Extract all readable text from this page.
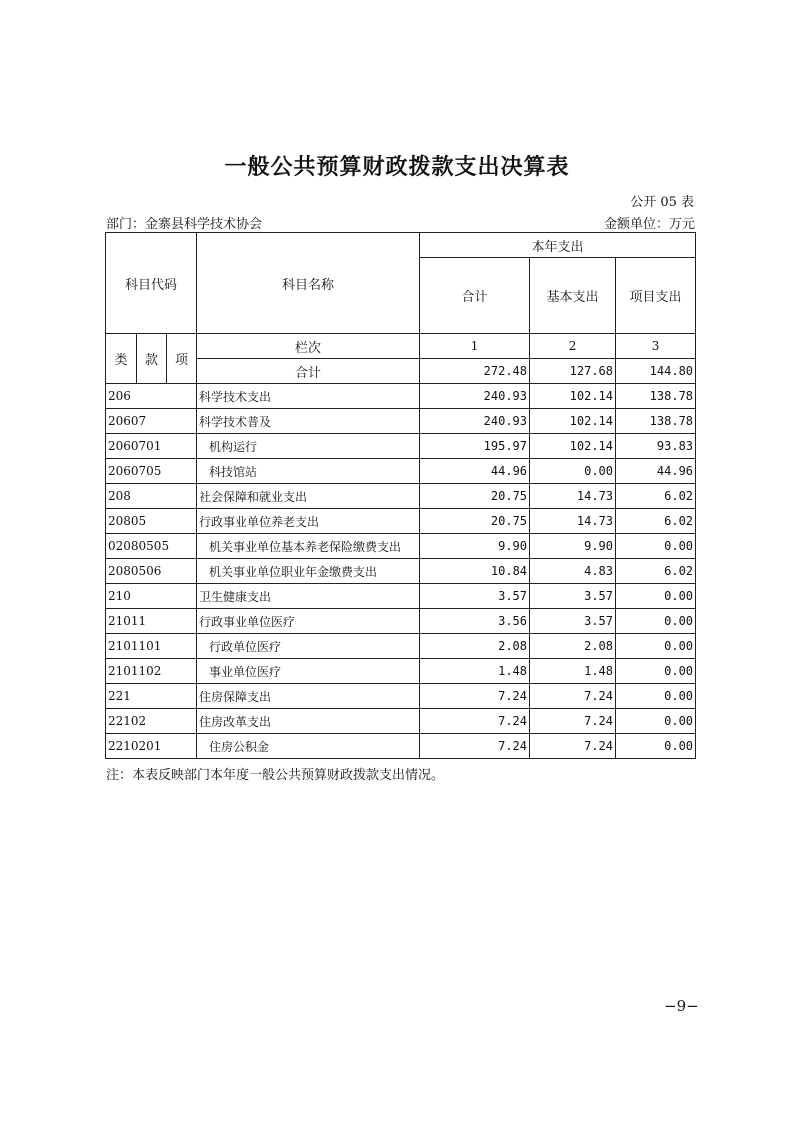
一般公共预算财政拨款支出决算表
公开 05 表
部门：金寨县科学技术协会	金额单位：万元
科目代码			科目名称	本年支出		
				合计	基本支出	项目支出

类	款	项	栏次	1	2	3
			合计	272.48	127.68	144.80
206			科学技术支出	240.93	102.14	138.78
20607			科学技术普及	240.93	102.14	138.78
2060701			机构运行	195.97	102.14	93.83
2060705			科技馆站	44.96	0.00	44.96
208			社会保障和就业支出	20.75	14.73	6.02
20805			行政事业单位养老支出	20.75	14.73	6.02
02080505			机关事业单位基本养老保险缴费支出	9.90	9.90	0.00
2080506			机关事业单位职业年金缴费支出	10.84	4.83	6.02
210			卫生健康支出	3.57	3.57	0.00
21011			行政事业单位医疗	3.56	3.57	0.00
2101101			行政单位医疗	2.08	2.08	0.00
2101102			事业单位医疗	1.48	1.48	0.00
221			住房保障支出	7.24	7.24	0.00
22102			住房改革支出	7.24	7.24	0.00
2210201			住房公积金	7.24	7.24	0.00
注：本表反映部门本年度一般公共预算财政拨款支出情况。
−9−
